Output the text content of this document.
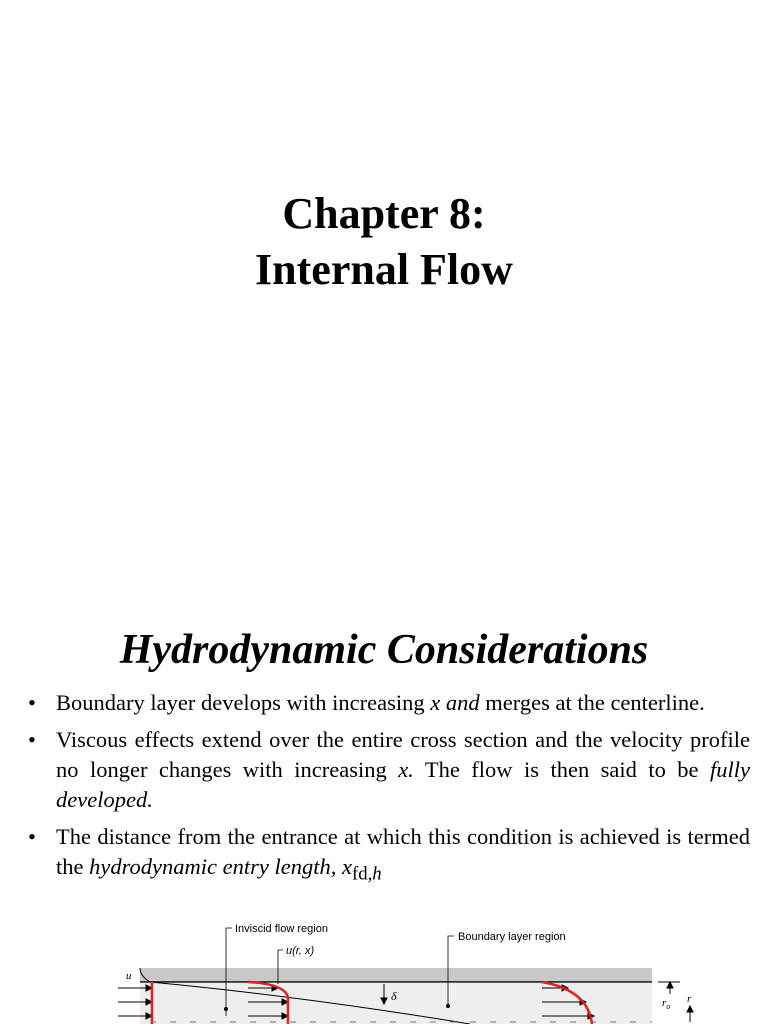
Chapter 8:
Internal Flow
Hydrodynamic Considerations
• Boundary layer develops with increasing x and merges at the centerline.
• Viscous effects extend over the entire cross section and the velocity profile no longer changes with increasing x. The flow is then said to be fully developed.
• The distance from the entrance at which this condition is achieved is termed the hydrodynamic entry length, $x_{fd,h}$
δ	$r_o$
r
u
Inviscid flow region
u(r, x)
Boundary layer region
